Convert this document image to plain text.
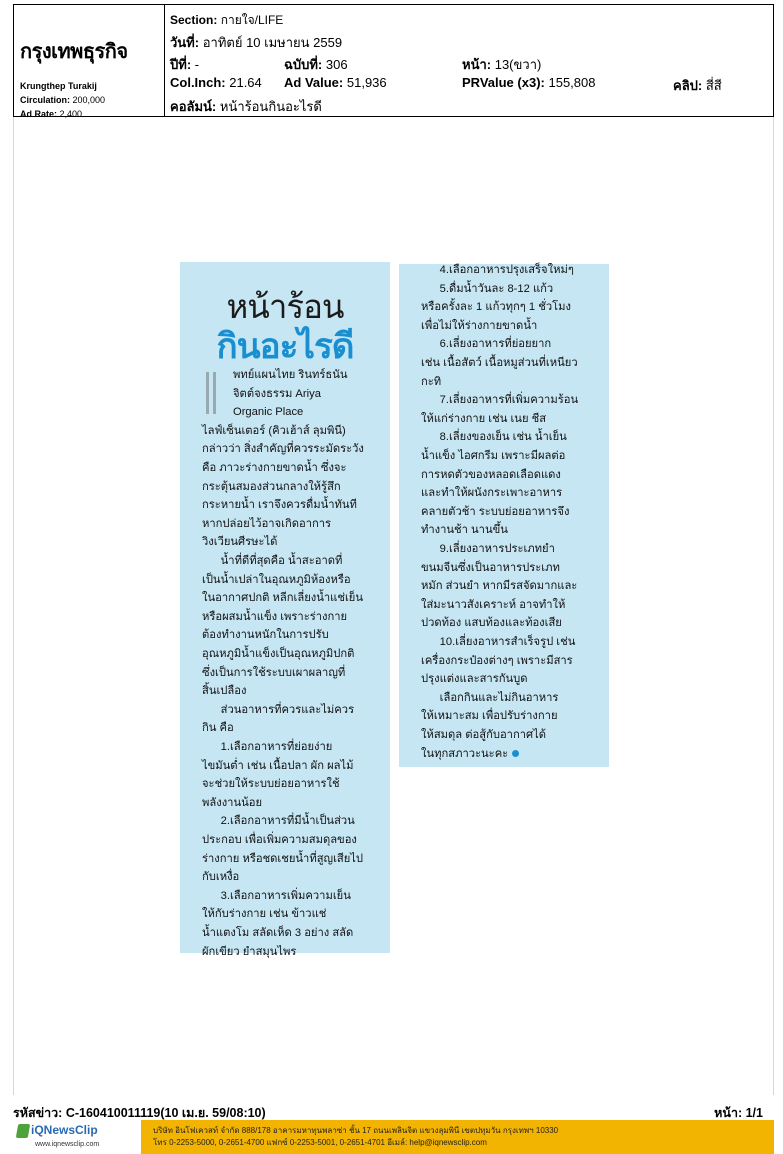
กรุงเทพธุรกิจ
Krungthep Turakij
Circulation: 200,000
Ad Rate: 2,400
Section: กายใจ/LIFE
วันที่: อาทิตย์ 10 เมษายน 2559
ปีที่: -	ฉบับที่: 306	หน้า: 13(ขวา)
Col.Inch: 21.64 Ad Value: 51,936	PRValue (x3): 155,808	คลิป: สี่สี
คอลัมน์: หน้าร้อนกินอะไรดี
หน้าร้อน
กินอะไรดี
พทย์แผนไทย รินทร์ธนัน
จิตต์จงธรรม Ariya
Organic Place
ไลฟ์เซ็นเตอร์ (คิวเฮ้าส์ ลุมพินี)
กล่าวว่า สิ่งสำคัญที่ควรระมัดระวัง
คือ ภาวะร่างกายขาดน้ำ ซึ่งจะ
กระตุ้นสมองส่วนกลางให้รู้สึก
กระหายน้ำ เราจึงควรดื่มน้ำทันที
หากปล่อยไว้อาจเกิดอาการ
วิงเวียนศีรษะได้
น้ำที่ดีที่สุดคือ น้ำสะอาดที่
เป็นน้ำเปล่าในอุณหภูมิห้องหรือ
ในอากาศปกติ หลีกเลี่ยงน้ำแช่เย็น
หรือผสมน้ำแข็ง เพราะร่างกาย
ต้องทำงานหนักในการปรับ
อุณหภูมิน้ำแข็งเป็นอุณหภูมิปกติ
ซึ่งเป็นการใช้ระบบเผาผลาญที่
สิ้นเปลือง
ส่วนอาหารที่ควรและไม่ควร
กิน คือ
1.เลือกอาหารที่ย่อยง่าย
ไขมันต่ำ เช่น เนื้อปลา ผัก ผลไม้
จะช่วยให้ระบบย่อยอาหารใช้
พลังงานน้อย
2.เลือกอาหารที่มีน้ำเป็นส่วน
ประกอบ เพื่อเพิ่มความสมดุลของ
ร่างกาย หรือชดเชยน้ำที่สูญเสียไป
กับเหงื่อ
3.เลือกอาหารเพิ่มความเย็น
ให้กับร่างกาย เช่น ข้าวแช่
น้ำแตงโม สลัดเห็ด 3 อย่าง สลัด
ผักเขียว ยำสมุนไพร
4.เลือกอาหารปรุงเสร็จใหม่ๆ
5.ดื่มน้ำวันละ 8-12 แก้ว
หรือครั้งละ 1 แก้วทุกๆ 1 ชั่วโมง
เพื่อไม่ให้ร่างกายขาดน้ำ
6.เลี่ยงอาหารที่ย่อยยาก
เช่น เนื้อสัตว์ เนื้อหมูส่วนที่เหนียว
กะทิ
7.เลี่ยงอาหารที่เพิ่มความร้อน
ให้แก่ร่างกาย เช่น เนย ชีส
8.เลี่ยงของเย็น เช่น น้ำเย็น
น้ำแข็ง ไอศกรีม เพราะมีผลต่อ
การหดตัวของหลอดเลือดแดง
และทำให้ผนังกระเพาะอาหาร
คลายตัวช้า ระบบย่อยอาหารจึง
ทำงานช้า นานขึ้น
9.เลี่ยงอาหารประเภทยำ
ขนมจีนซึ่งเป็นอาหารประเภท
หมัก ส่วนยำ หากมีรสจัดมากและ
ใส่มะนาวสังเคราะห์ อาจทำให้
ปวดท้อง แสบท้องและท้องเสีย
10.เลี่ยงอาหารสำเร็จรูป เช่น
เครื่องกระป๋องต่างๆ เพราะมีสาร
ปรุงแต่งและสารกันบูด
เลือกกินและไม่กินอาหาร
ให้เหมาะสม เพื่อปรับร่างกาย
ให้สมดุล ต่อสู้กับอากาศได้
ในทุกสภาวะนะคะ
รหัสข่าว: C-160410011119(10 เม.ย. 59/08:10)	หน้า: 1/1
iQNewsClip
www.iqnewsclip.com
บริษัท อินโฟเควสท์ จำกัด 888/178 อาคารมหาทุนพลาซ่า ชั้น 17 ถนนเพลินจิต แขวงลุมพินี เขตปทุมวัน กรุงเทพฯ 10330
โทร 0-2253-5000, 0-2651-4700 แฟกซ์ 0-2253-5001, 0-2651-4701 อีเมล์: help@iqnewsclip.com
